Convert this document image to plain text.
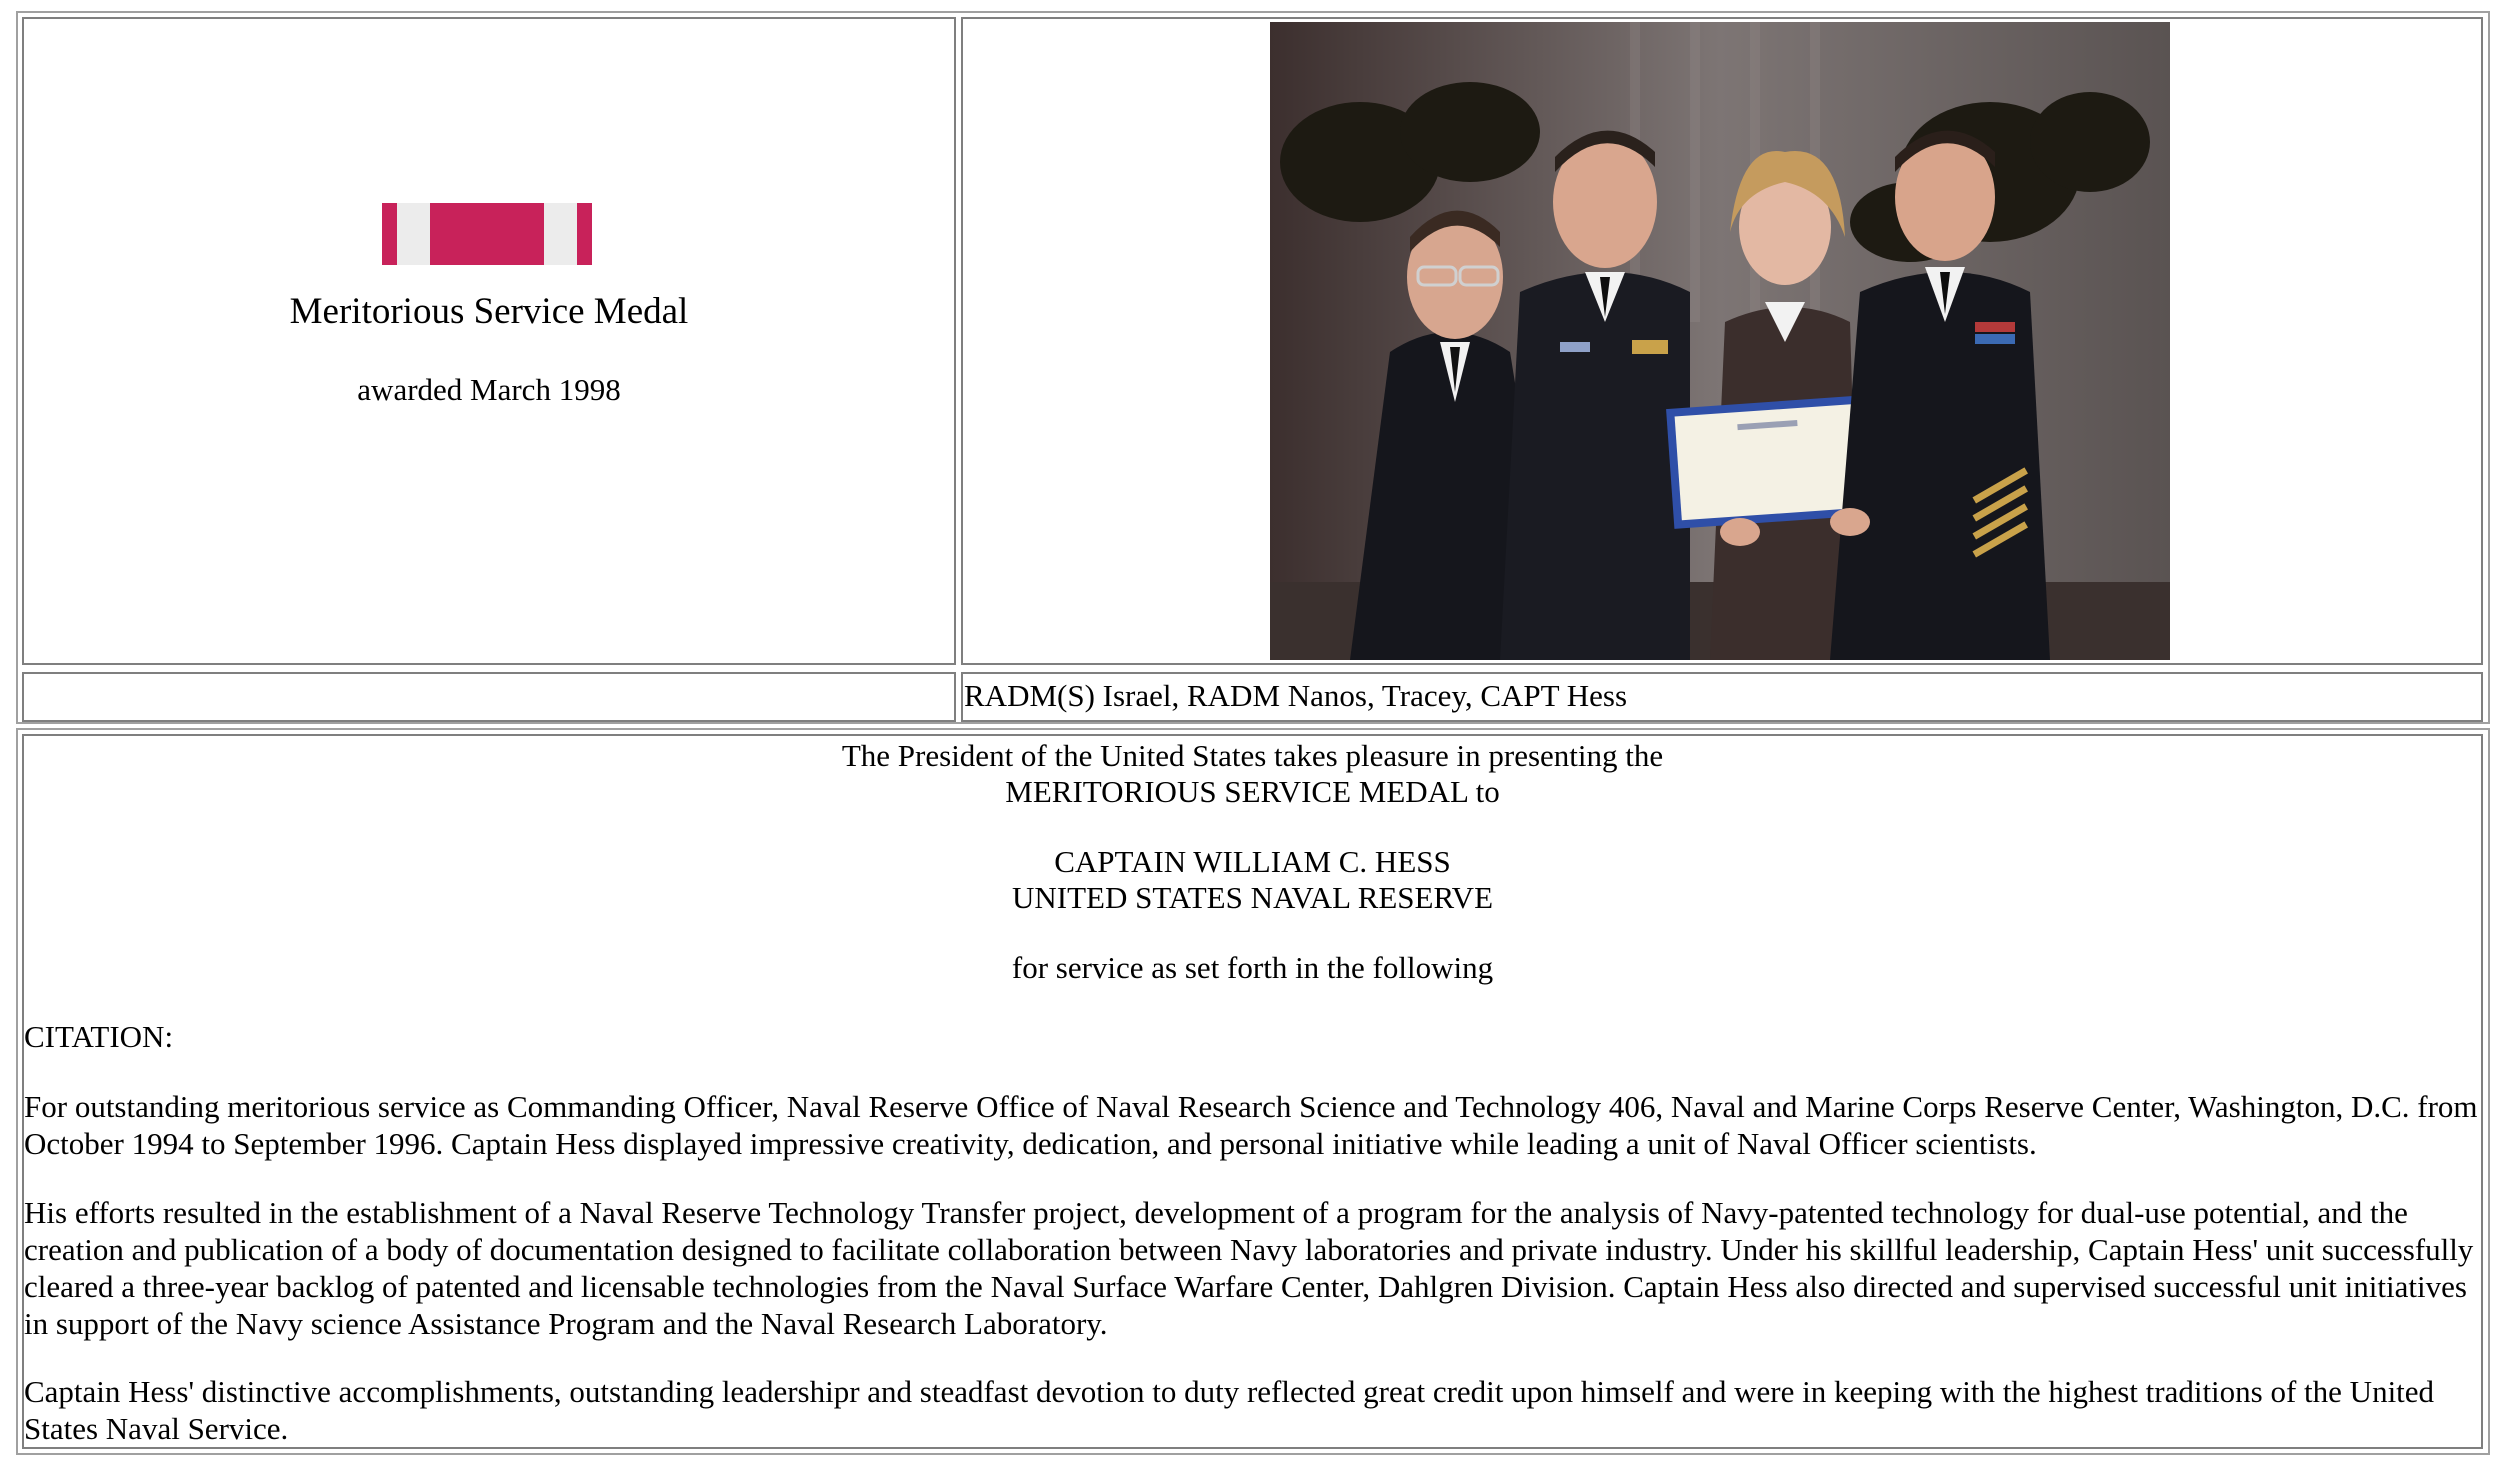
Meritorious Service Medal
awarded March 1998
RADM(S) Israel, RADM Nanos, Tracey, CAPT Hess
The President of the United States takes pleasure in presenting the
MERITORIOUS SERVICE MEDAL to
CAPTAIN WILLIAM C. HESS
UNITED STATES NAVAL RESERVE
for service as set forth in the following
CITATION:
For outstanding meritorious service as Commanding Officer, Naval Reserve Office of Naval Research Science and Technology 406, Naval and Marine Corps Reserve Center, Washington, D.C. from October 1994 to September 1996. Captain Hess displayed impressive creativity, dedication, and personal initiative while leading a unit of Naval Officer scientists.
His efforts resulted in the establishment of a Naval Reserve Technology Transfer project, development of a program for the analysis of Navy-patented technology for dual-use potential, and the creation and publication of a body of documentation designed to facilitate collaboration between Navy laboratories and private industry. Under his skillful leadership, Captain Hess' unit successfully cleared a three-year backlog of patented and licensable technologies from the Naval Surface Warfare Center, Dahlgren Division. Captain Hess also directed and supervised successful unit initiatives in support of the Navy science Assistance Program and the Naval Research Laboratory.
Captain Hess' distinctive accomplishments, outstanding leadershipr and steadfast devotion to duty reflected great credit upon himself and were in keeping with the highest traditions of the United States Naval Service.
